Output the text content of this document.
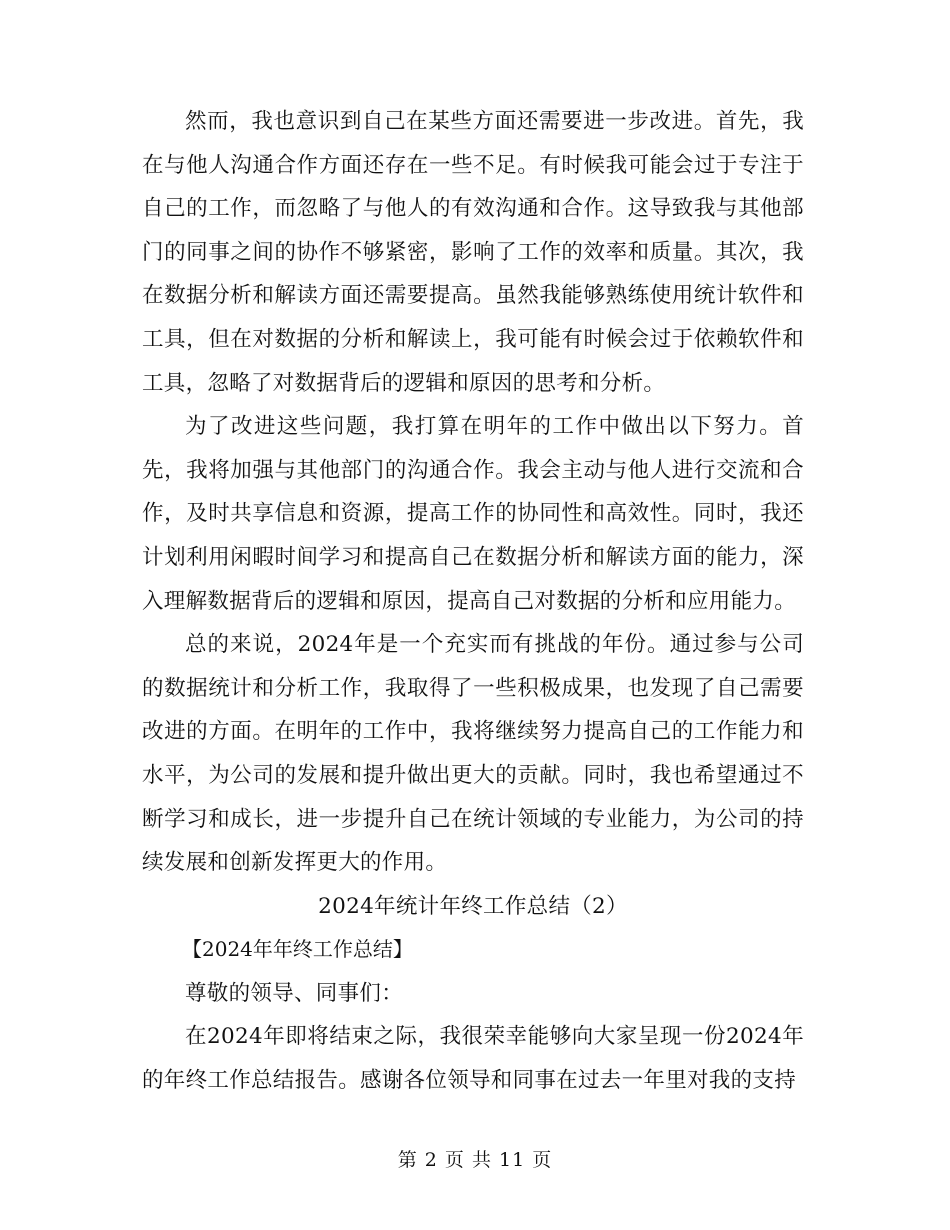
然而，我也意识到自己在某些方面还需要进一步改进。首先，我在与他人沟通合作方面还存在一些不足。有时候我可能会过于专注于自己的工作，而忽略了与他人的有效沟通和合作。这导致我与其他部门的同事之间的协作不够紧密，影响了工作的效率和质量。其次，我在数据分析和解读方面还需要提高。虽然我能够熟练使用统计软件和工具，但在对数据的分析和解读上，我可能有时候会过于依赖软件和工具，忽略了对数据背后的逻辑和原因的思考和分析。

为了改进这些问题，我打算在明年的工作中做出以下努力。首先，我将加强与其他部门的沟通合作。我会主动与他人进行交流和合作，及时共享信息和资源，提高工作的协同性和高效性。同时，我还计划利用闲暇时间学习和提高自己在数据分析和解读方面的能力，深入理解数据背后的逻辑和原因，提高自己对数据的分析和应用能力。

总的来说，2024年是一个充实而有挑战的年份。通过参与公司的数据统计和分析工作，我取得了一些积极成果，也发现了自己需要改进的方面。在明年的工作中，我将继续努力提高自己的工作能力和水平，为公司的发展和提升做出更大的贡献。同时，我也希望通过不断学习和成长，进一步提升自己在统计领域的专业能力，为公司的持续发展和创新发挥更大的作用。

2024年统计年终工作总结（2）

【2024年年终工作总结】

尊敬的领导、同事们：

在2024年即将结束之际，我很荣幸能够向大家呈现一份2024年的年终工作总结报告。感谢各位领导和同事在过去一年里对我的支持

第 2 页 共 11 页
